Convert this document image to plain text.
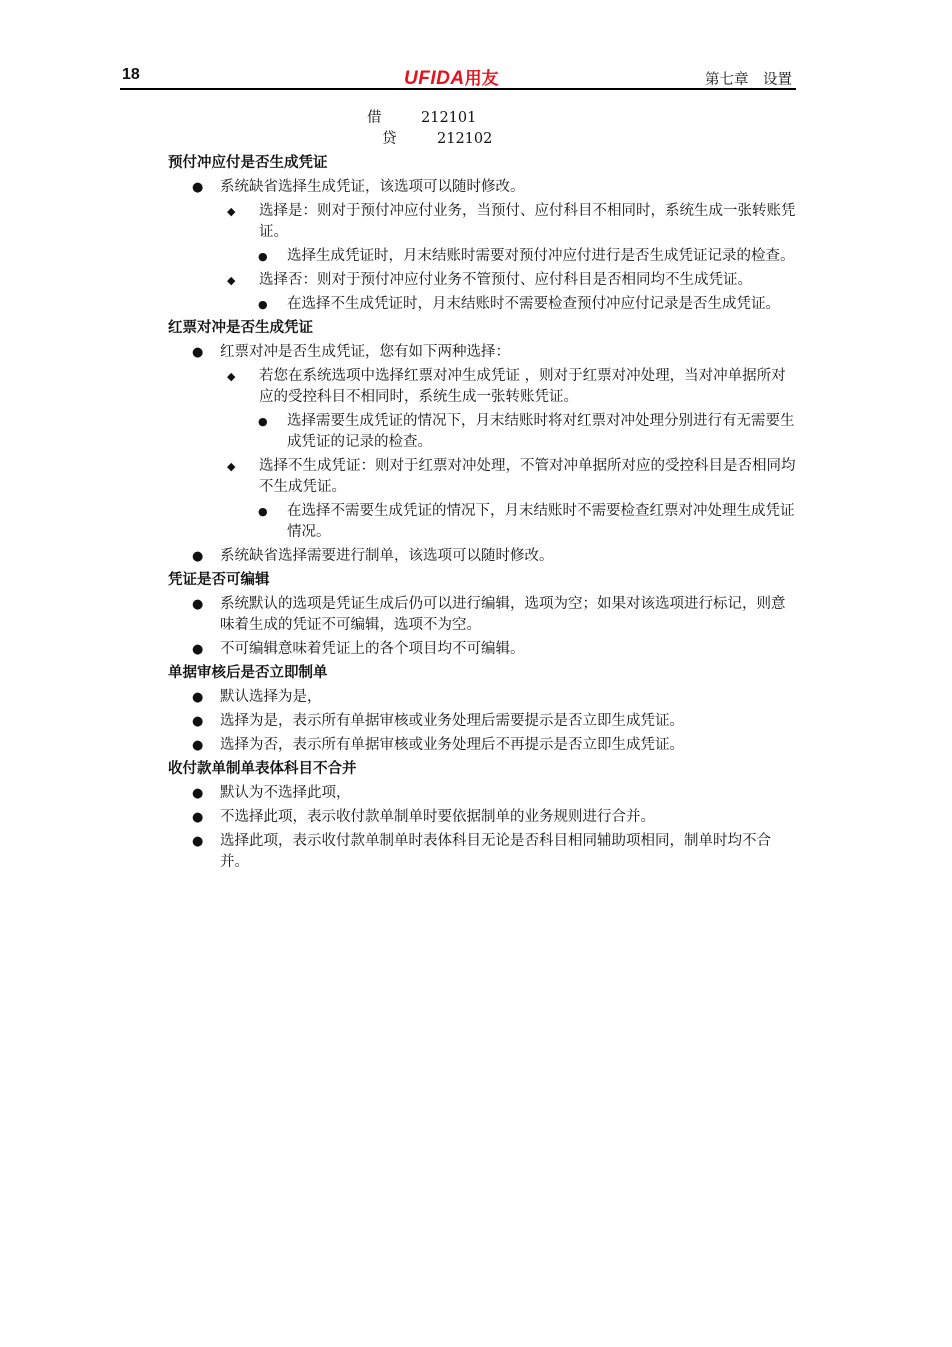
18	UFIDA用友	第七章　设置
借	212101
贷	212102
预付冲应付是否生成凭证
● 系统缺省选择生成凭证，该选项可以随时修改。
◆ 选择是：则对于预付冲应付业务，当预付、应付科目不相同时，系统生成一张转账凭证。
● 选择生成凭证时，月末结账时需要对预付冲应付进行是否生成凭证记录的检查。
◆ 选择否：则对于预付冲应付业务不管预付、应付科目是否相同均不生成凭证。
● 在选择不生成凭证时，月末结账时不需要检查预付冲应付记录是否生成凭证。
红票对冲是否生成凭证
● 红票对冲是否生成凭证，您有如下两种选择：
◆ 若您在系统选项中选择红票对冲生成凭证 ，则对于红票对冲处理，当对冲单据所对应的受控科目不相同时，系统生成一张转账凭证。
● 选择需要生成凭证的情况下，月末结账时将对红票对冲处理分别进行有无需要生成凭证的记录的检查。
◆ 选择不生成凭证：则对于红票对冲处理，不管对冲单据所对应的受控科目是否相同均不生成凭证。
● 在选择不需要生成凭证的情况下，月末结账时不需要检查红票对冲处理生成凭证情况。
● 系统缺省选择需要进行制单，该选项可以随时修改。
凭证是否可编辑
● 系统默认的选项是凭证生成后仍可以进行编辑，选项为空；如果对该选项进行标记，则意味着生成的凭证不可编辑，选项不为空。
● 不可编辑意味着凭证上的各个项目均不可编辑。
单据审核后是否立即制单
● 默认选择为是，
● 选择为是，表示所有单据审核或业务处理后需要提示是否立即生成凭证。
● 选择为否，表示所有单据审核或业务处理后不再提示是否立即生成凭证。
收付款单制单表体科目不合并
● 默认为不选择此项，
● 不选择此项，表示收付款单制单时要依据制单的业务规则进行合并。
● 选择此项，表示收付款单制单时表体科目无论是否科目相同辅助项相同，制单时均不合并。
